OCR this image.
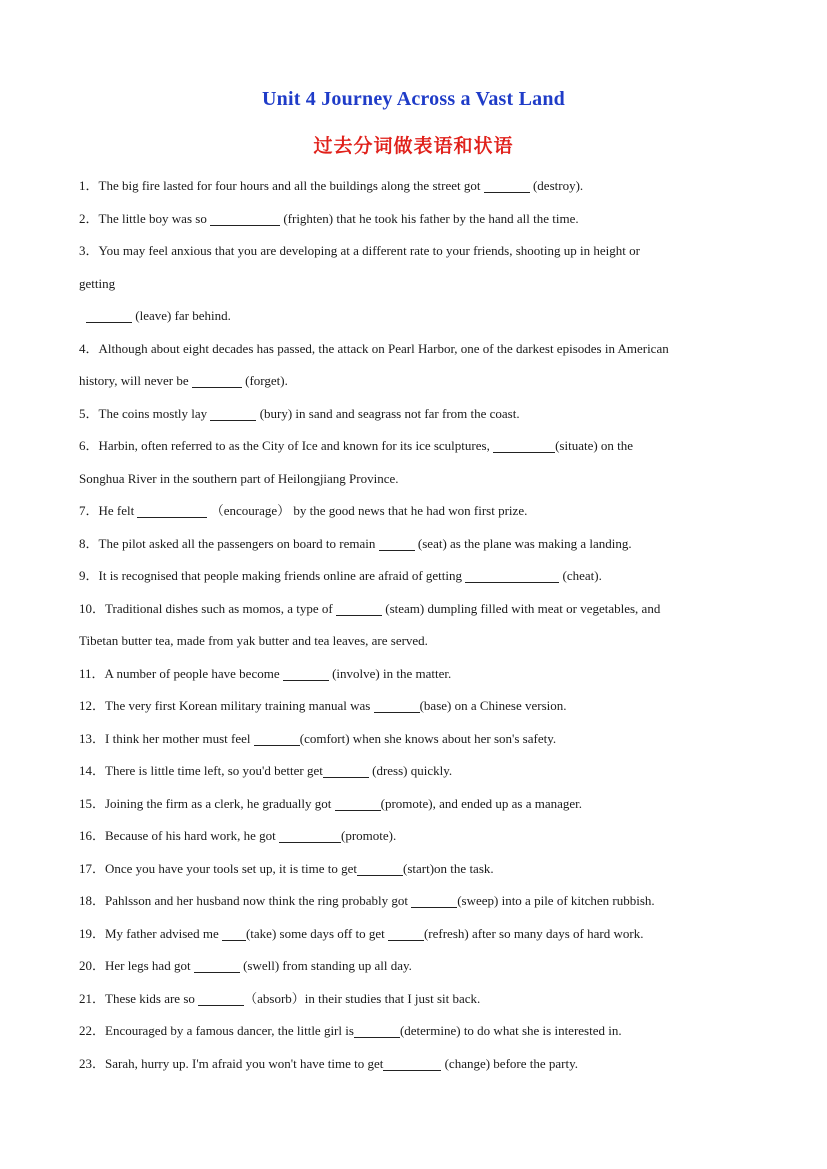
Unit 4 Journey Across a Vast Land
过去分词做表语和状语
1．The big fire lasted for four hours and all the buildings along the street got	(destroy).
2．The little boy was so	(frighten) that he took his father by the hand all the time.
3．You may feel anxious that you are developing at a different rate to your friends, shooting up in height or
getting
(leave) far behind.
4．Although about eight decades has passed, the attack on Pearl Harbor, one of the darkest episodes in American
history, will never be	(forget).
5．The coins mostly lay	(bury) in sand and seagrass not far from the coast.
6．Harbin, often referred to as the City of Ice and known for its ice sculptures,	(situate) on the
Songhua River in the southern part of Heilongjiang Province.
7．He felt	（encourage） by the good news that he had won first prize.
8．The pilot asked all the passengers on board to remain	(seat) as the plane was making a landing.
9．It is recognised that people making friends online are afraid of getting	(cheat).
10．Traditional dishes such as momos, a type of	(steam) dumpling filled with meat or vegetables, and
Tibetan butter tea, made from yak butter and tea leaves, are served.
11．A number of people have become	(involve) in the matter.
12．The very first Korean military training manual was	(base) on a Chinese version.
13．I think her mother must feel	(comfort) when she knows about her son's safety.
14．There is little time left, so you'd better get	(dress) quickly.
15．Joining the firm as a clerk, he gradually got	(promote), and ended up as a manager.
16．Because of his hard work, he got	(promote).
17．Once you have your tools set up, it is time to get	(start)on the task.
18．Pahlsson and her husband now think the ring probably got	(sweep) into a pile of kitchen rubbish.
19．My father advised me (take) some days off to get	(refresh) after so many days of hard work.
20．Her legs had got	(swell) from standing up all day.
21．These kids are so	（absorb）in their studies that I just sit back.
22．Encouraged by a famous dancer, the little girl is	(determine) to do what she is interested in.
23．Sarah, hurry up. I'm afraid you won't have time to get	(change) before the party.
